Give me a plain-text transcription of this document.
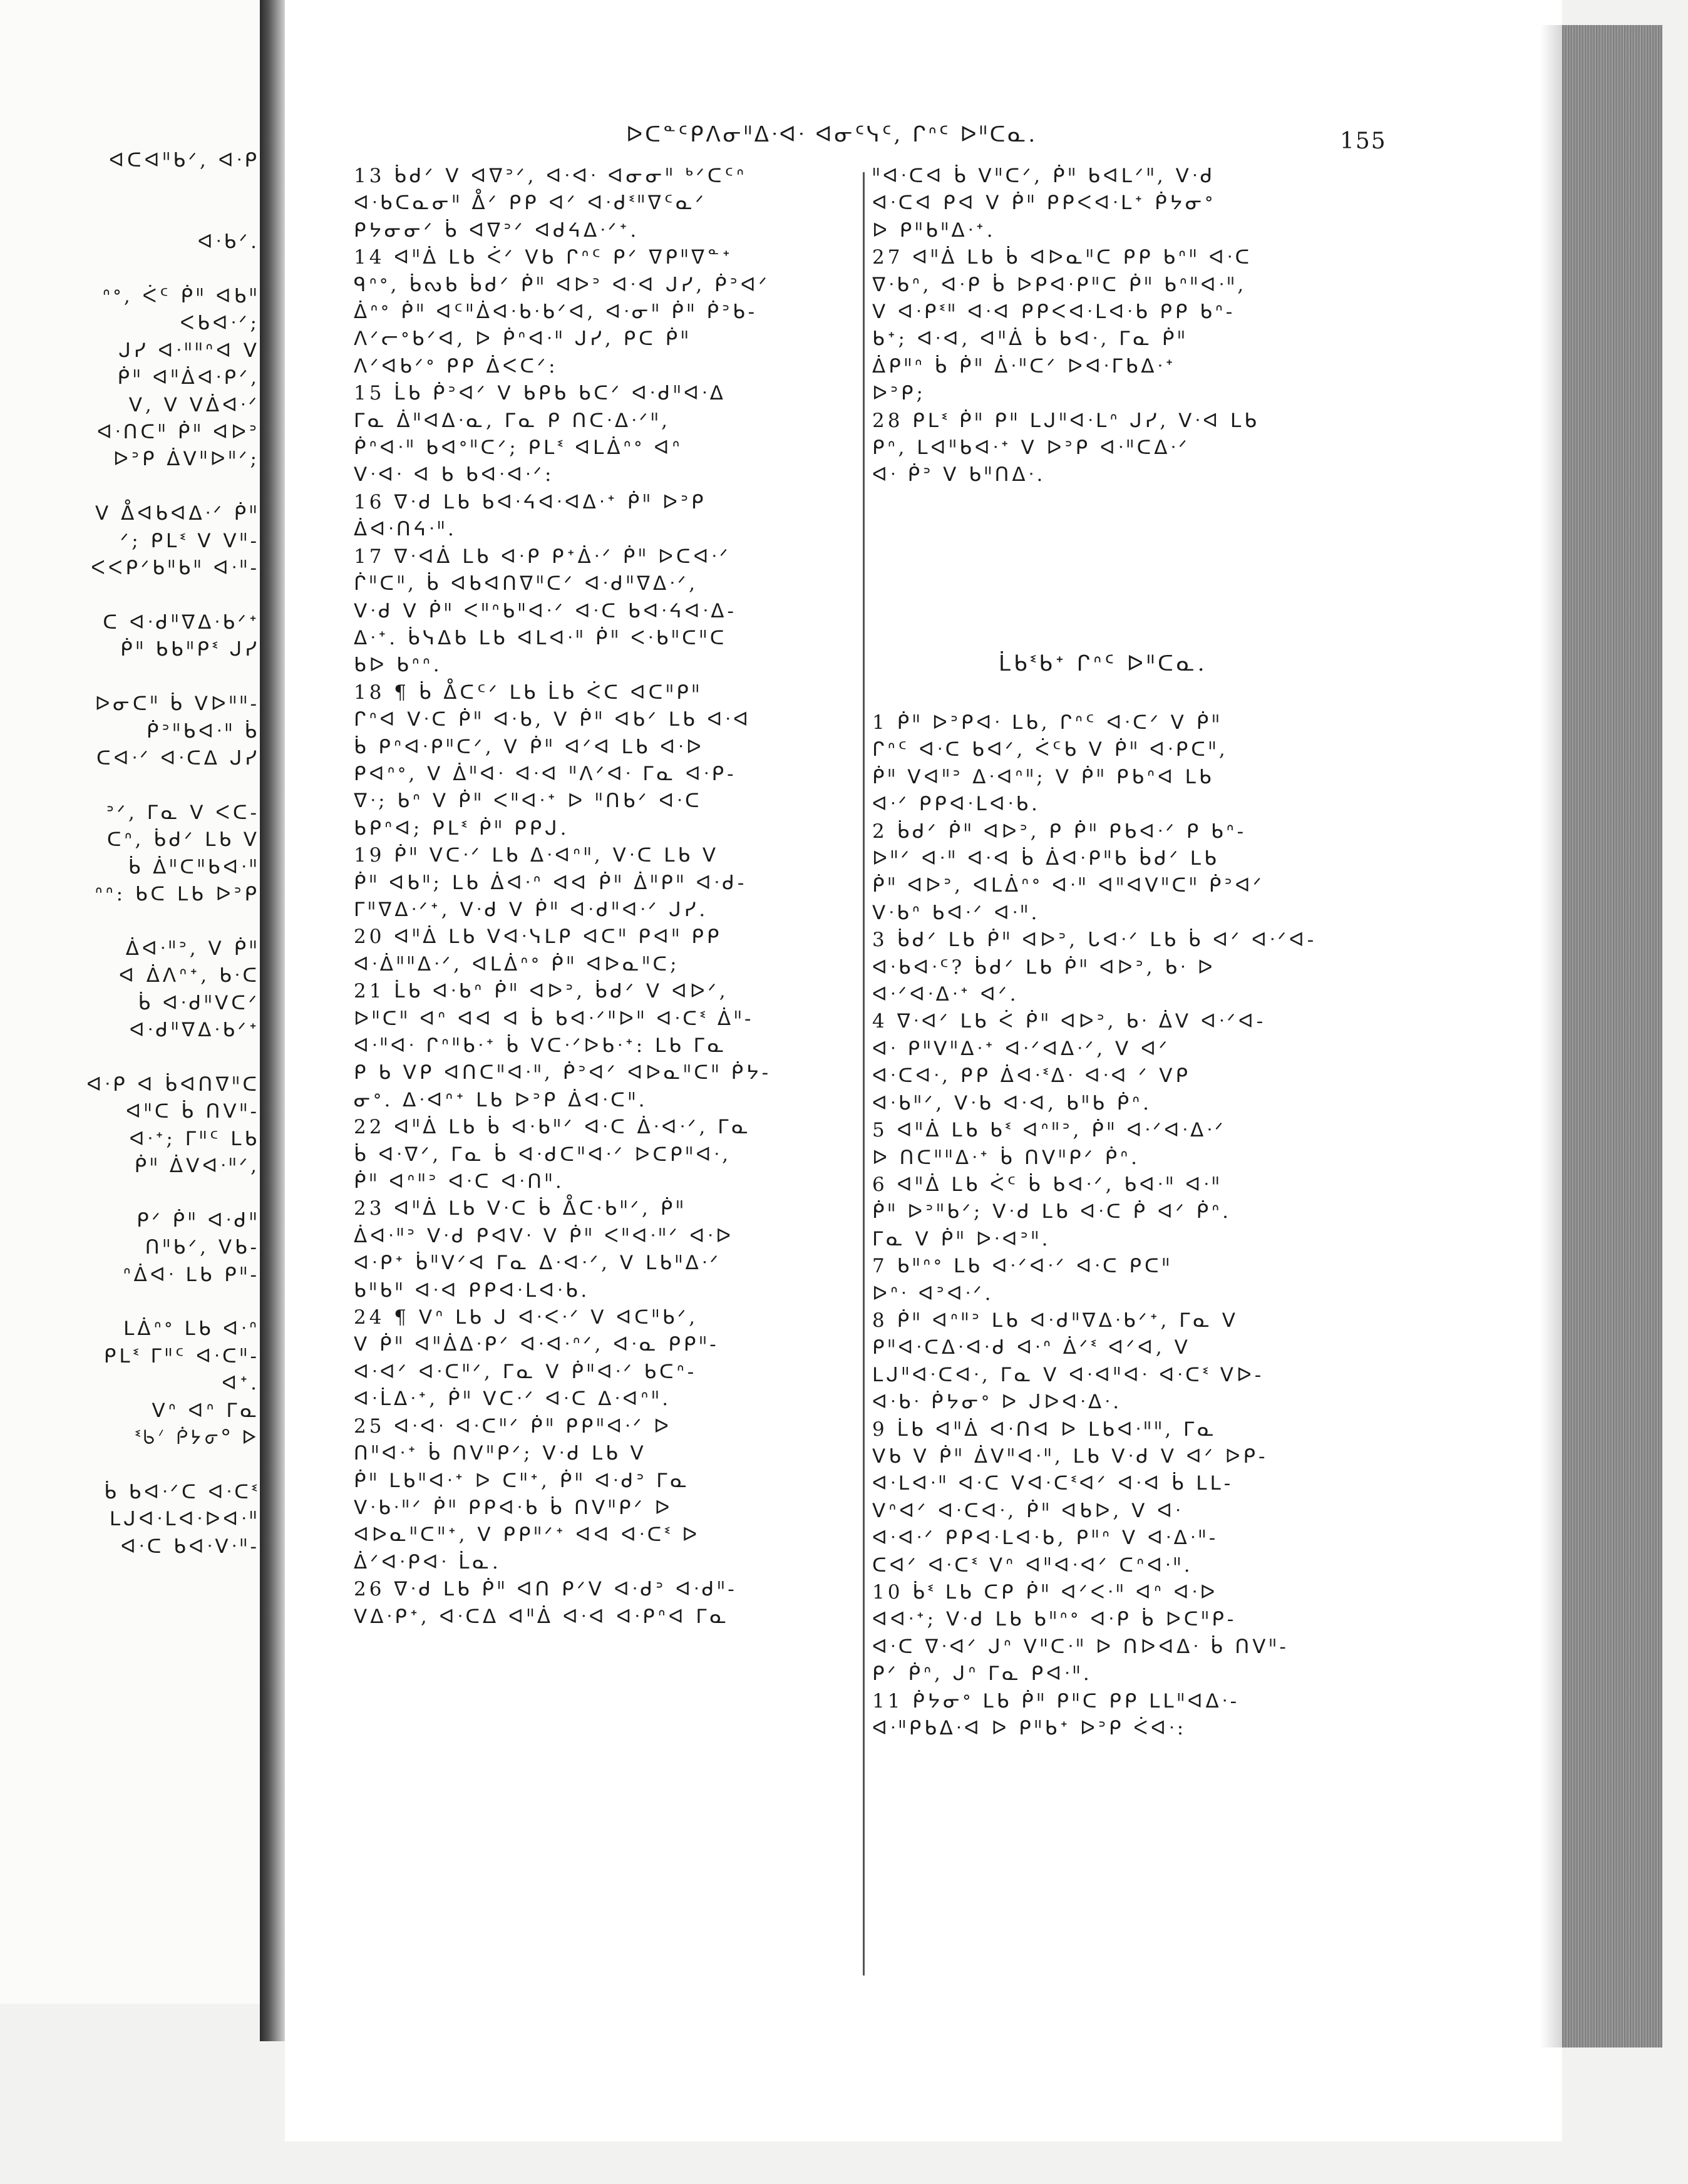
ᐊᑕᐊᐦᑲᐟ, ᐊᐧᑭ

ᐊᐧᑲᐟ.

ᐢᐤ, ᐹᑦ ᑮᐦ ᐊᑲᐦ

ᐸᑲᐊᐧᐟ;

ᒍᓯ ᐊᐧᐦᐦᐢᐊ ᐯ

ᑮᐦ ᐊᐦᐄᐊᐧᑭᐟ,

ᐯ, ᐯ ᐯᐄᐊᐧᐟ

ᐊᐧᑎᑕᐦ ᑮᐦ ᐊᐅᐣ

ᐅᐣᑭ ᐄᐯᐦᐅᐦᐟ;

ᐯ ᐂᐊᑲᐊᐃᐧᐟ ᑮᐦ

ᐟ; ᑭᒪᓫ ᐯ ᐯᐦ-

ᐸᐸᑭᐟᑲᐦᑲᐦ ᐊᐧᐦ-

ᑕ ᐊᐧᑯᐦᐁᐃᐧᑲᐟᐩ

ᑮᐦ ᑲᑲᐦᑭᓫ ᒍᓯ

ᐅᓂᑕᐦ ᑳ ᐯᐅᐦᐦ-

ᑮᐣᐦᑲᐊᐧᐦ ᑳ

ᑕᐊᐧᐟ ᐊᐧᑕᐃ ᒍᓯ

ᐣᐟ, ᒥᓇ ᐯ ᐸᑕ-

ᑕᐢ, ᑳᑯᐟ ᒪᑲ ᐯ

ᑳ ᐄᐦᑕᐦᑲᐊᐧᐦ

ᐢᐢ: ᑲᑕ ᒪᑲ ᐅᐣᑭ

ᐄᐊᐧᐦᐣ, ᐯ ᑮᐦ

ᐊ ᐄᐱᐢᐩ, ᑲᐧᑕ

ᑳ ᐊᐧᑯᐦᐯᑕᐟ

ᐊᐧᑯᐦᐁᐃᐧᑲᐟᐩ

ᐊᐧᑭ ᐊ ᑳᐊᑎᐁᐦᑕ

ᐊᐦᑕ ᑳ ᑎᐯᐦ-

ᐊᐧᐩ; ᒥᐦᑦ ᒪᑲ

ᑮᐦ ᐄᐯᐊᐧᐦᐟ,

ᑭᐟ ᑮᐦ ᐊᐧᑯᐦ

ᑎᐦᑲᐟ, ᐯᑲ-

ᐢᐄᐊᐧ ᒪᑲ ᑭᐦ-

ᒪᐄᐢᐤ ᒪᑲ ᐊᐧᐢ

ᑭᒪᓫ ᒥᐦᑦ ᐊᐧᑕᐦ-

ᐊᐩ.

ᐯᐢ ᐊᐢ ᒥᓇ

ᓫᑲᐟ ᑮᔭᓂᐤ ᐅ

ᑳ ᑲᐊᐧᐟᑕ ᐊᐧᑕᓫ

ᒪᒍᐊᐧᒪᐊᐧᐅᐊᐧᐦ

ᐊᐧᑕ ᑲᐊᐧᐯᐧᐦ-

ᐅᑕᓐᑦᑭᐱᓂᐦᐃᐧᐊᐧ ᐊᓂᑦᓭᑦ, ᒋᐢᑦ ᐅᐦᑕᓇ.	155

13 ᑳᑯᐟ ᐯ ᐊᐁᐣᐟ, ᐊᐧᐊᐧ ᐊᓂᓂᐦ ᒃᐟᑕᑦᐢ

ᐊᐧᑲᑕᓇᓂᐦ ᐂᐟ ᑭᑭ ᐊᐟ ᐊᐧᑯᓫᐦᐁᑦᓇᐟ

ᑭᔭᓂᓂᐟ ᑳ ᐊᐁᐣᐟ ᐊᑯᔦᐃᐧᐟᐩ.

14 ᐊᐦᐄ ᒪᑲ ᐹᐟ ᐯᑲ ᒋᐢᑦ ᑭᐟ ᐁᑭᐦᐁᓐᐩ

ᑫᐢᐤ, ᑳᔓᑲ ᑳᑯᐟ ᑮᐦ ᐊᐅᐣ ᐊᐧᐊ ᒍᓯ, ᑮᐣᐊᐟ

ᐄᐢᐤ ᑮᐦ ᐊᑦᐦᐄᐊᐧᑲᐧᑲᐟᐊ, ᐊᐧᓂᐦ ᑮᐦ ᑮᐣᑲ-

ᐱᐟᓕᐤᑲᐟᐊ, ᐅ ᑮᐢᐊᐧᐦ ᒍᓯ, ᑭᑕ ᑮᐦ

ᐱᐟᐊᑲᐟᐤ ᑭᑭ ᐄᐸᑕᐟ:

15 ᒫᑲ ᑮᐣᐊᐟ ᐯ ᑲᑭᑲ ᑲᑕᐟ ᐊᐧᑯᐦᐊᐧᐃ

ᒥᓇ ᐄᐦᐊᐃᐧᓇ, ᒥᓇ ᑭ ᑎᑕᐧᐃᐧᐟᐦ,

ᑮᐢᐊᐧᐦ ᑲᐊᐤᐦᑕᐟ; ᑭᒪᓫ ᐊᒪᐄᐢᐤ ᐊᐢ

ᐯᐧᐊᐧ ᐊ ᑲ ᑲᐊᐧᐊᐧᐟ:

16 ᐁᐧᑯ ᒪᑲ ᑲᐊᐧᔦᐊᐧᐊᐃᐧᐩ ᑮᐦ ᐅᐣᑭ

ᐄᐊᐧᑎᔦᐧᐦ.

17 ᐁᐧᐊᐄ ᒪᑲ ᐊᐧᑭ ᑭᐩᐄᐧᐟ ᑮᐦ ᐅᑕᐊᐧᐟ

ᒌᐦᑕᐦ, ᑳ ᐊᑲᐊᑎᐁᐦᑕᐟ ᐊᐧᑯᐦᐁᐃᐧᐟ,

ᐯᐧᑯ ᐯ ᑮᐦ ᐸᐦᐢᑲᐦᐊᐧᐟ ᐊᐧᑕ ᑲᐊᐧᔦᐊᐧᐃ-

ᐃᐧᐩ. ᑳᓭᐃᑲ ᒪᑲ ᐊᒪᐊᐧᐦ ᑮᐦ ᐸᐧᑲᐦᑕᐦᑕ

ᑲᐅ ᑲᐢᐢ.

18 ¶ ᑳ ᐂᑕᑦᐟ ᒪᑲ ᒫᑲ ᐹᑕ ᐊᑕᐦᑭᐦ

ᒋᐢᐊ ᐯᐧᑕ ᑮᐦ ᐊᐧᑲ, ᐯ ᑮᐦ ᐊᑲᐟ ᒪᑲ ᐊᐧᐊ

ᑳ ᑭᐢᐊᐧᑭᐦᑕᐟ, ᐯ ᑮᐦ ᐊᐟᐊ ᒪᑲ ᐊᐧᐅ

ᑭᐊᐢᐤ, ᐯ ᐄᐦᐊᐧ ᐊᐧᐊ ᐦᐱᐟᐊᐧ ᒥᓇ ᐊᐧᑭ-

ᐁᐧ; ᑲᐢ ᐯ ᑮᐦ ᐸᐦᐊᐧᐩ ᐅ ᐦᑎᑲᐟ ᐊᐧᑕ

ᑲᑭᐢᐊ; ᑭᒪᓫ ᑮᐦ ᑭᑭᒍ.

19 ᑮᐦ ᐯᑕᐧᐟ ᒪᑲ ᐃᐧᐊᐢᐦ, ᐯᐧᑕ ᒪᑲ ᐯ

ᑮᐦ ᐊᑲᐦ; ᒪᑲ ᐄᐊᐧᐢ ᐊᐊ ᑮᐦ ᐄᐦᑭᐦ ᐊᐧᑯ-

ᒥᐦᐁᐃᐧᐟᐩ, ᐯᐧᑯ ᐯ ᑮᐦ ᐊᐧᑯᐦᐊᐧᐟ ᒍᓯ.

20 ᐊᐦᐄ ᒪᑲ ᐯᐊᐧᓭᒪᑭ ᐊᑕᐦ ᑭᐊᐦ ᑭᑭ

ᐊᐧᐄᐦᐦᐃᐧᐟ, ᐊᒪᐄᐢᐤ ᑮᐦ ᐊᐅᓇᐦᑕ;

21 ᒫᑲ ᐊᐧᑲᐢ ᑮᐦ ᐊᐅᐣ, ᑳᑯᐟ ᐯ ᐊᐅᐟ,

ᐅᐦᑕᐦ ᐊᐢ ᐊᐊ ᐊ ᑳ ᑲᐊᐧᐟᐦᐅᐦ ᐊᐧᑕᓫ ᐄᐦ-

ᐊᐧᐦᐊᐧ ᒋᐢᐦᑲᐧᐩ ᑳ ᐯᑕᐧᐟᐅᑲᐧᐩ: ᒪᑲ ᒥᓇ

ᑭ ᑲ ᐯᑭ ᐊᑎᑕᐦᐊᐧᐦ, ᑮᐣᐊᐟ ᐊᐅᓇᐦᑕᐦ ᑮᔭ-

ᓂᐤ. ᐃᐧᐊᐢᐩ ᒪᑲ ᐅᐣᑭ ᐄᐊᐧᑕᐦ.

22 ᐊᐦᐄ ᒪᑲ ᑳ ᐊᐧᑲᐦᐟ ᐊᐧᑕ ᐄᐧᐊᐧᐟ, ᒥᓇ

ᑳ ᐊᐧᐁᐟ, ᒥᓇ ᑳ ᐊᐧᑯᑕᐦᐊᐧᐟ ᐅᑕᑭᐦᐊᐧ,

ᑮᐦ ᐊᐢᐦᐣ ᐊᐧᑕ ᐊᐧᑎᐦ.

23 ᐊᐦᐄ ᒪᑲ ᐯᐧᑕ ᑳ ᐂᑕᐧᑲᐦᐟ, ᑮᐦ

ᐄᐊᐧᐦᐣ ᐯᐧᑯ ᑭᐊᐯᐧ ᐯ ᑮᐦ ᐸᐦᐊᐧᐦᐟ ᐊᐧᐅ

ᐊᐧᑭᐩ ᑳᐦᐯᐟᐊ ᒥᓇ ᐃᐧᐊᐧᐟ, ᐯ ᒪᑲᐦᐃᐧᐟ

ᑲᐦᑲᐦ ᐊᐧᐊ ᑭᑭᐊᐧᒪᐊᐧᑲ.

24 ¶ ᐯᐢ ᒪᑲ ᒍ ᐊᐧᐸᐧᐟ ᐯ ᐊᑕᐦᑲᐟ,

ᐯ ᑮᐦ ᐊᐦᐄᐃᐧᑭᐟ ᐊᐧᐊᐧᐢᐟ, ᐊᐧᓇ ᑭᑭᐦ-

ᐊᐧᐊᐟ ᐊᐧᑕᐦᐟ, ᒥᓇ ᐯ ᑮᐦᐊᐧᐟ ᑲᑕᐢ-

ᐊᐧᒫᐃᐧᐩ, ᑮᐦ ᐯᑕᐧᐟ ᐊᐧᑕ ᐃᐧᐊᐢᐦ.

25 ᐊᐧᐊᐧ ᐊᐧᑕᐦᐟ ᑮᐦ ᑭᑭᐦᐊᐧᐟ ᐅ

ᑎᐦᐊᐧᐩ ᑳ ᑎᐯᐦᑭᐟ; ᐯᐧᑯ ᒪᑲ ᐯ

ᑮᐦ ᒪᑲᐦᐊᐧᐩ ᐅ ᑕᐦᐩ, ᑮᐦ ᐊᐧᑯᐣ ᒥᓇ

ᐯᐧᑲᐧᐦᐟ ᑮᐦ ᑭᑭᐊᐧᑲ ᑳ ᑎᐯᐦᑭᐟ ᐅ

ᐊᐅᓇᐦᑕᐦᐩ, ᐯ ᑭᑭᐦᐟᐩ ᐊᐊ ᐊᐧᑕᓫ ᐅ

ᐄᐟᐊᐧᑭᐊᐧ ᒫᓇ.

26 ᐁᐧᑯ ᒪᑲ ᑮᐦ ᐊᑎ ᑭᐟᐯ ᐊᐧᑯᐣ ᐊᐧᑯᐦ-

ᐯᐃᐧᑭᐩ, ᐊᐧᑕᐃ ᐊᐦᐄ ᐊᐧᐊ ᐊᐧᑭᐢᐊ ᒥᓇ

ᐦᐊᐧᑕᐊ ᑳ ᐯᐦᑕᐟ, ᑮᐦ ᑲᐊᒪᐟᐦ, ᐯᐧᑯ

ᐊᐧᑕᐊ ᑭᐊ ᐯ ᑮᐦ ᑭᑭᐸᐊᐧᒪᐩ ᑮᔭᓂᐤ

ᐅ ᑭᐦᑲᐦᐃᐧᐩ.

27 ᐊᐦᐄ ᒪᑲ ᑳ ᐊᐅᓇᐦᑕ ᑭᑭ ᑲᐢᐦ ᐊᐧᑕ

ᐁᐧᑲᐢ, ᐊᐧᑭ ᑳ ᐅᑭᐊᐧᑭᐦᑕ ᑮᐦ ᑲᐢᐦᐊᐧᐦ,

ᐯ ᐊᐧᑭᓫᐦ ᐊᐧᐊ ᑭᑭᐸᐊᐧᒪᐊᐧᑲ ᑭᑭ ᑲᐢ-

ᑲᐩ; ᐊᐧᐊ, ᐊᐦᐄ ᑳ ᑲᐊᐧ, ᒥᓇ ᑮᐦ

ᐄᑭᐦᐢ ᑳ ᑮᐦ ᐄᐧᐦᑕᐟ ᐅᐊᐧᒥᑲᐃᐧᐩ

ᐅᐣᑭ;

28 ᑭᒪᓫ ᑮᐦ ᑭᐦ ᒪᒍᐦᐊᐧᒪᐢ ᒍᓯ, ᐯᐧᐊ ᒪᑲ

ᑭᐢ, ᒪᐊᐦᑲᐊᐧᐩ ᐯ ᐅᐣᑭ ᐊᐧᐦᑕᐃᐧᐟ

ᐊᐧ ᑮᐣ ᐯ ᑲᐦᑎᐃᐧ.

ᒫᑲᓫᑲᐩ ᒋᐢᑦ ᐅᐦᑕᓇ.

1 ᑮᐦ ᐅᐣᑭᐊᐧ ᒪᑲ, ᒋᐢᑦ ᐊᐧᑕᐟ ᐯ ᑮᐦ

ᒋᐢᑦ ᐊᐧᑕ ᑲᐊᐟ, ᐹᑦᑲ ᐯ ᑮᐦ ᐊᐧᑭᑕᐦ,

ᑮᐦ ᐯᐊᐦᐣ ᐃᐧᐊᐢᐦ; ᐯ ᑮᐦ ᑭᑲᐢᐊ ᒪᑲ

ᐊᐧᐟ ᑭᑭᐊᐧᒪᐊᐧᑲ.

2 ᑳᑯᐟ ᑮᐦ ᐊᐅᐣ, ᑭ ᑮᐦ ᑭᑲᐊᐧᐟ ᑭ ᑲᐢ-

ᐅᐦᐟ ᐊᐧᐦ ᐊᐧᐊ ᑳ ᐄᐊᐧᑭᐦᑲ ᑳᑯᐟ ᒪᑲ

ᑮᐦ ᐊᐅᐣ, ᐊᒪᐄᐢᐤ ᐊᐧᐦ ᐊᐦᐊᐯᐦᑕᐦ ᑮᐣᐊᐟ

ᐯᐧᑲᐢ ᑲᐊᐧᐟ ᐊᐧᐦ.

3 ᑳᑯᐟ ᒪᑲ ᑮᐦ ᐊᐅᐣ, ᒐᐊᐧᐟ ᒪᑲ ᑳ ᐊᐟ ᐊᐧᐟᐊ-

ᐊᐧᑲᐊᐧᑦ? ᑳᑯᐟ ᒪᑲ ᑮᐦ ᐊᐅᐣ, ᑲᐧ ᐅ

ᐊᐧᐟᐊᐧᐃᐧᐩ ᐊᐟ.

4 ᐁᐧᐊᐟ ᒪᑲ ᐹ ᑮᐦ ᐊᐅᐣ, ᑲᐧ ᐄᐯ ᐊᐧᐟᐊ-

ᐊᐧ ᑭᐦᐯᐦᐃᐧᐩ ᐊᐧᐟᐊᐃᐧᐟ, ᐯ ᐊᐟ

ᐊᐧᑕᐊᐧ, ᑭᑭ ᐄᐊᐧᓫᐃᐧ ᐊᐧᐊ ᐟ ᐯᑭ

ᐊᐧᑲᐦᐟ, ᐯᐧᑲ ᐊᐧᐊ, ᑲᐦᑲ ᑮᐢ.

5 ᐊᐦᐄ ᒪᑲ ᑲᓫ ᐊᐢᐦᐣ, ᑮᐦ ᐊᐧᐟᐊᐧᐃᐧᐟ

ᐅ ᑎᑕᐦᐦᐃᐧᐩ ᑳ ᑎᐯᐦᑭᐟ ᑮᐢ.

6 ᐊᐦᐄ ᒪᑲ ᐹᑦ ᑳ ᑲᐊᐧᐟ, ᑲᐊᐧᐦ ᐊᐧᐦ

ᑮᐦ ᐅᐣᐦᑲᐟ; ᐯᐧᑯ ᒪᑲ ᐊᐧᑕ ᑮ ᐊᐟ ᑮᐢ.

ᒥᓇ ᐯ ᑮᐦ ᐅᐧᐊᐣᐦ.

7 ᑲᐦᐢᐤ ᒪᑲ ᐊᐧᐟᐊᐧᐟ ᐊᐧᑕ ᑭᑕᐦ

ᐅᐢᐧ ᐊᐣᐊᐧᐟ.

8 ᑮᐦ ᐊᐢᐦᐣ ᒪᑲ ᐊᐧᑯᐦᐁᐃᐧᑲᐟᐩ, ᒥᓇ ᐯ

ᑭᐦᐊᐧᑕᐃᐧᐊᐧᑯ ᐊᐧᐢ ᐄᐟᓫ ᐊᐟᐊ, ᐯ

ᒪᒍᐦᐊᐧᑕᐊᐧ, ᒥᓇ ᐯ ᐊᐧᐊᐦᐊᐧ ᐊᐧᑕᓫ ᐯᐅ-

ᐊᐧᑲᐧ ᑮᔭᓂᐤ ᐅ ᒍᐅᐊᐧᐃᐧ.

9 ᒫᑲ ᐊᐦᐄ ᐊᐧᑎᐊ ᐅ ᒪᑲᐊᐧᐦᐦ, ᒥᓇ

ᐯᑲ ᐯ ᑮᐦ ᐄᐯᐦᐊᐧᐦ, ᒪᑲ ᐯᐧᑯ ᐯ ᐊᐟ ᐅᑭ-

ᐊᐧᒪᐊᐧᐦ ᐊᐧᑕ ᐯᐊᐧᑕᓫᐊᐟ ᐊᐧᐊ ᑳ ᒪᒪ-

ᐯᐢᐊᐟ ᐊᐧᑕᐊᐧ, ᑮᐦ ᐊᑲᐅ, ᐯ ᐊᐧ

ᐊᐧᐊᐧᐟ ᑭᑭᐊᐧᒪᐊᐧᑲ, ᑭᐦᐢ ᐯ ᐊᐧᐃᐧᐦ-

ᑕᐊᐟ ᐊᐧᑕᓫ ᐯᐢ ᐊᐦᐊᐧᐊᐟ ᑕᐢᐊᐧᐦ.

10 ᑳᓫ ᒪᑲ ᑕᑭ ᑮᐦ ᐊᐟᐸᐧᐦ ᐊᐢ ᐊᐧᐅ

ᐊᐊᐧᐩ; ᐯᐧᑯ ᒪᑲ ᑲᐦᐢᐤ ᐊᐧᑭ ᑳ ᐅᑕᐦᑭ-

ᐊᐧᑕ ᐁᐧᐊᐟ ᒍᐢ ᐯᐦᑕᐧᐦ ᐅ ᑎᐅᐊᐃᐧ ᑳ ᑎᐯᐦ-

ᑭᐟ ᑮᐢ, ᒍᐢ ᒥᓇ ᑭᐊᐧᐦ.

11 ᑮᔭᓂᐤ ᒪᑲ ᑮᐦ ᑭᐦᑕ ᑭᑭ ᒪᒪᐦᐊᐃᐧ-

ᐊᐧᐦᑭᑲᐃᐧᐊ ᐅ ᑭᐦᑲᐩ ᐅᐣᑭ ᐹᐊᐧ:
